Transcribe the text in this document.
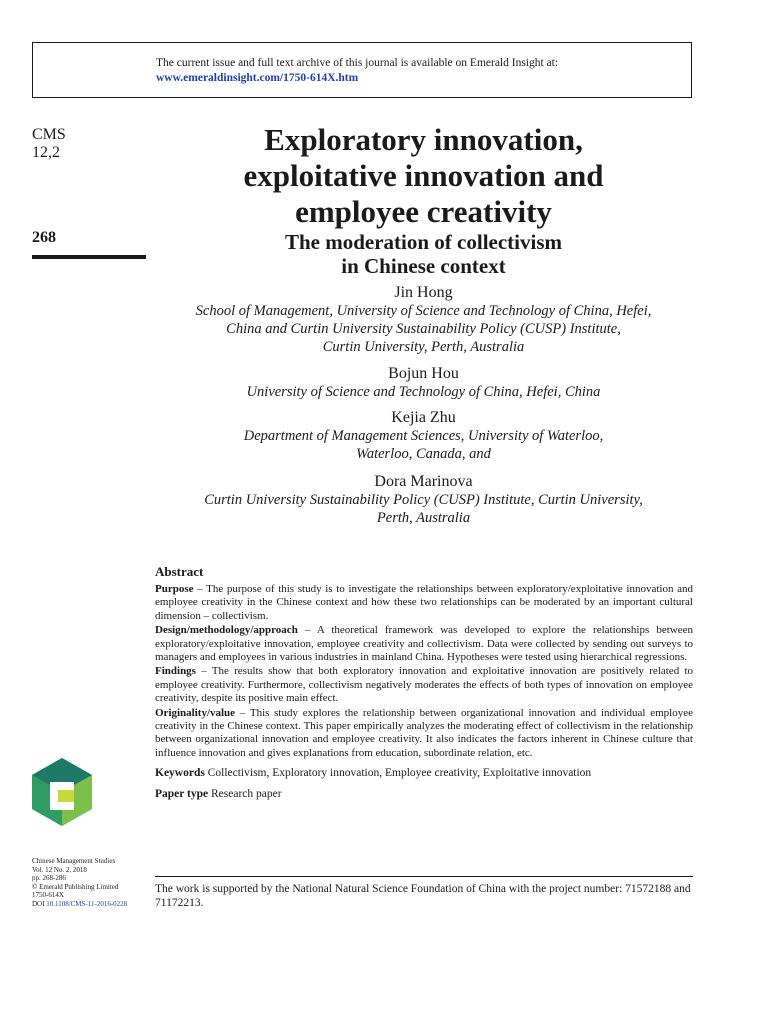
The current issue and full text archive of this journal is available on Emerald Insight at:
www.emeraldinsight.com/1750-614X.htm
CMS
12,2
268
Exploratory innovation,
exploitative innovation and
employee creativity
The moderation of collectivism
in Chinese context
Jin Hong
School of Management, University of Science and Technology of China, Hefei,
China and Curtin University Sustainability Policy (CUSP) Institute,
Curtin University, Perth, Australia
Bojun Hou
University of Science and Technology of China, Hefei, China
Kejia Zhu
Department of Management Sciences, University of Waterloo,
Waterloo, Canada, and
Dora Marinova
Curtin University Sustainability Policy (CUSP) Institute, Curtin University,
Perth, Australia
Abstract

Purpose – The purpose of this study is to investigate the relationships between exploratory/exploitative innovation and employee creativity in the Chinese context and how these two relationships can be moderated by an important cultural dimension – collectivism.

Design/methodology/approach – A theoretical framework was developed to explore the relationships between exploratory/exploitative innovation, employee creativity and collectivism. Data were collected by sending out surveys to managers and employees in various industries in mainland China. Hypotheses were tested using hierarchical regressions.

Findings – The results show that both exploratory innovation and exploitative innovation are positively related to employee creativity. Furthermore, collectivism negatively moderates the effects of both types of innovation on employee creativity, despite its positive main effect.

Originality/value – This study explores the relationship between organizational innovation and individual employee creativity in the Chinese context. This paper empirically analyzes the moderating effect of collectivism in the relationship between organizational innovation and employee creativity. It also indicates the factors inherent in Chinese culture that influence innovation and gives explanations from education, subordinate relation, etc.

Keywords Collectivism, Exploratory innovation, Employee creativity, Exploitative innovation
Paper type Research paper
Chinese Management Studies
Vol. 12 No. 2, 2018
pp. 268-286
© Emerald Publishing Limited
1750-614X
DOI 10.1108/CMS-11-2016-0228
The work is supported by the National Natural Science Foundation of China with the project number: 71572188 and 71172213.
